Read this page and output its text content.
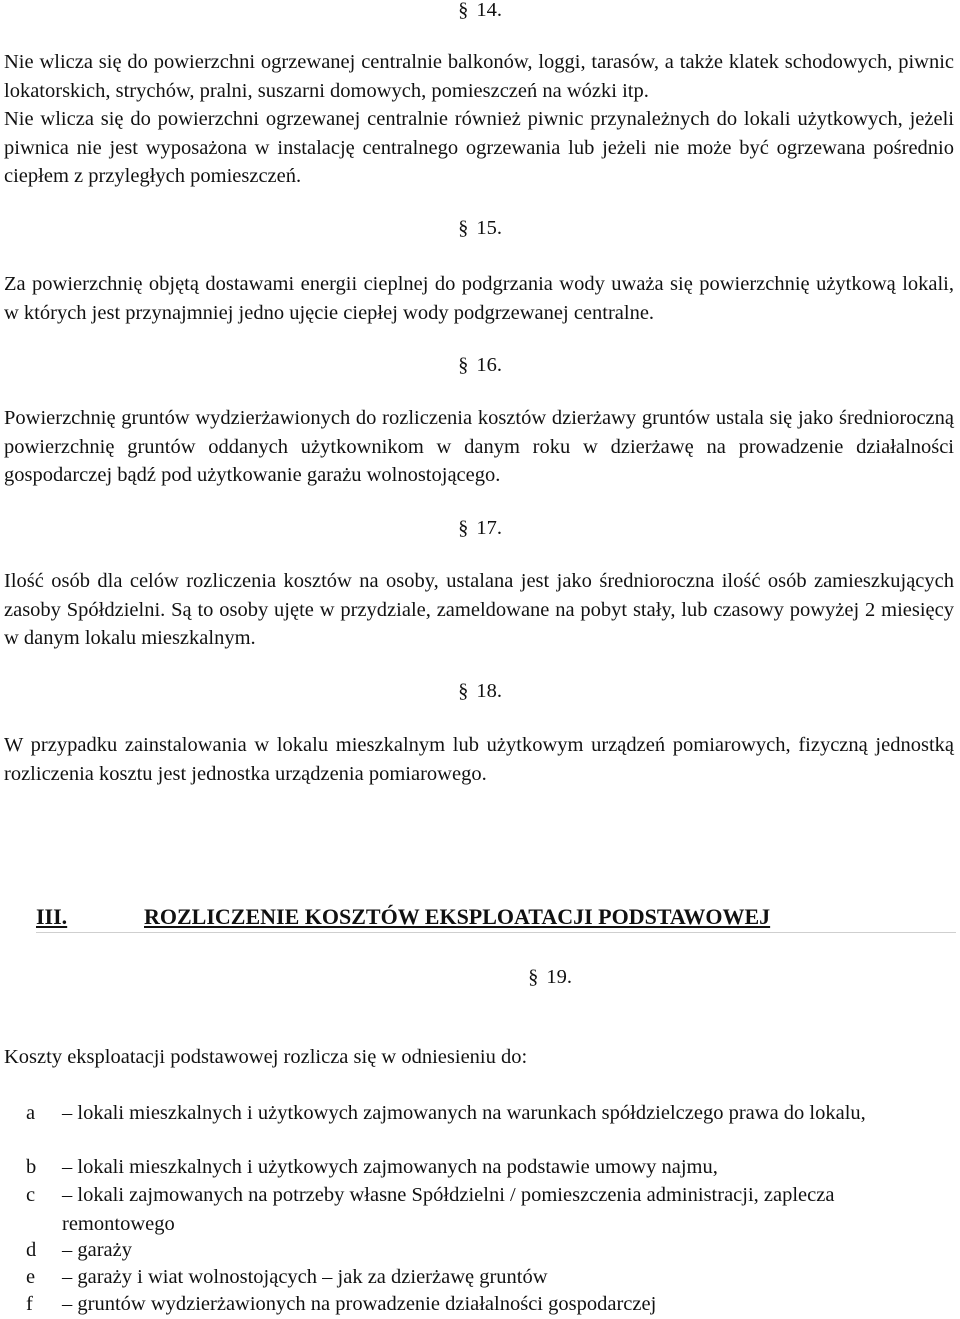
§ 14.

Nie wlicza się do powierzchni ogrzewanej centralnie balkonów, loggi, tarasów, a także klatek schodowych, piwnic lokatorskich, strychów, pralni, suszarni domowych, pomieszczeń na wózki itp.

Nie wlicza się do powierzchni ogrzewanej centralnie również piwnic przynależnych do lokali użytkowych, jeżeli piwnica nie jest wyposażona w instalację centralnego ogrzewania lub jeżeli nie może być ogrzewana pośrednio ciepłem z przyległych pomieszczeń.

§ 15.

Za powierzchnię objętą dostawami energii cieplnej do podgrzania wody uważa się powierzchnię użytkową lokali, w których jest przynajmniej jedno ujęcie ciepłej wody podgrzewanej centralne.

§ 16.

Powierzchnię gruntów wydzierżawionych do rozliczenia kosztów dzierżawy gruntów ustala się jako średnioroczną powierzchnię gruntów oddanych użytkownikom w danym roku w dzierżawę na prowadzenie działalności gospodarczej bądź pod użytkowanie garażu wolnostojącego.

§ 17.

Ilość osób dla celów rozliczenia kosztów na osoby, ustalana jest jako średnioroczna ilość osób zamieszkujących zasoby Spółdzielni. Są to osoby ujęte w przydziale, zameldowane na pobyt stały, lub czasowy powyżej 2 miesięcy w danym lokalu mieszkalnym.

§ 18.

W przypadku zainstalowania w lokalu mieszkalnym lub użytkowym urządzeń pomiarowych, fizyczną jednostką rozliczenia kosztu jest jednostka urządzenia pomiarowego.

III.	ROZLICZENIE KOSZTÓW EKSPLOATACJI PODSTAWOWEJ
§ 19.

Koszty eksploatacji podstawowej rozlicza się w odniesieniu do:

a	– lokali mieszkalnych i użytkowych zajmowanych na warunkach spółdzielczego prawa do lokalu,
b	– lokali mieszkalnych i użytkowych zajmowanych na podstawie umowy najmu,
c	– lokali zajmowanych na potrzeby własne Spółdzielni / pomieszczenia administracji, zaplecza remontowego
d	– garaży
e	– garaży i wiat wolnostojących – jak za dzierżawę gruntów
f	– gruntów wydzierżawionych na prowadzenie działalności gospodarczej
